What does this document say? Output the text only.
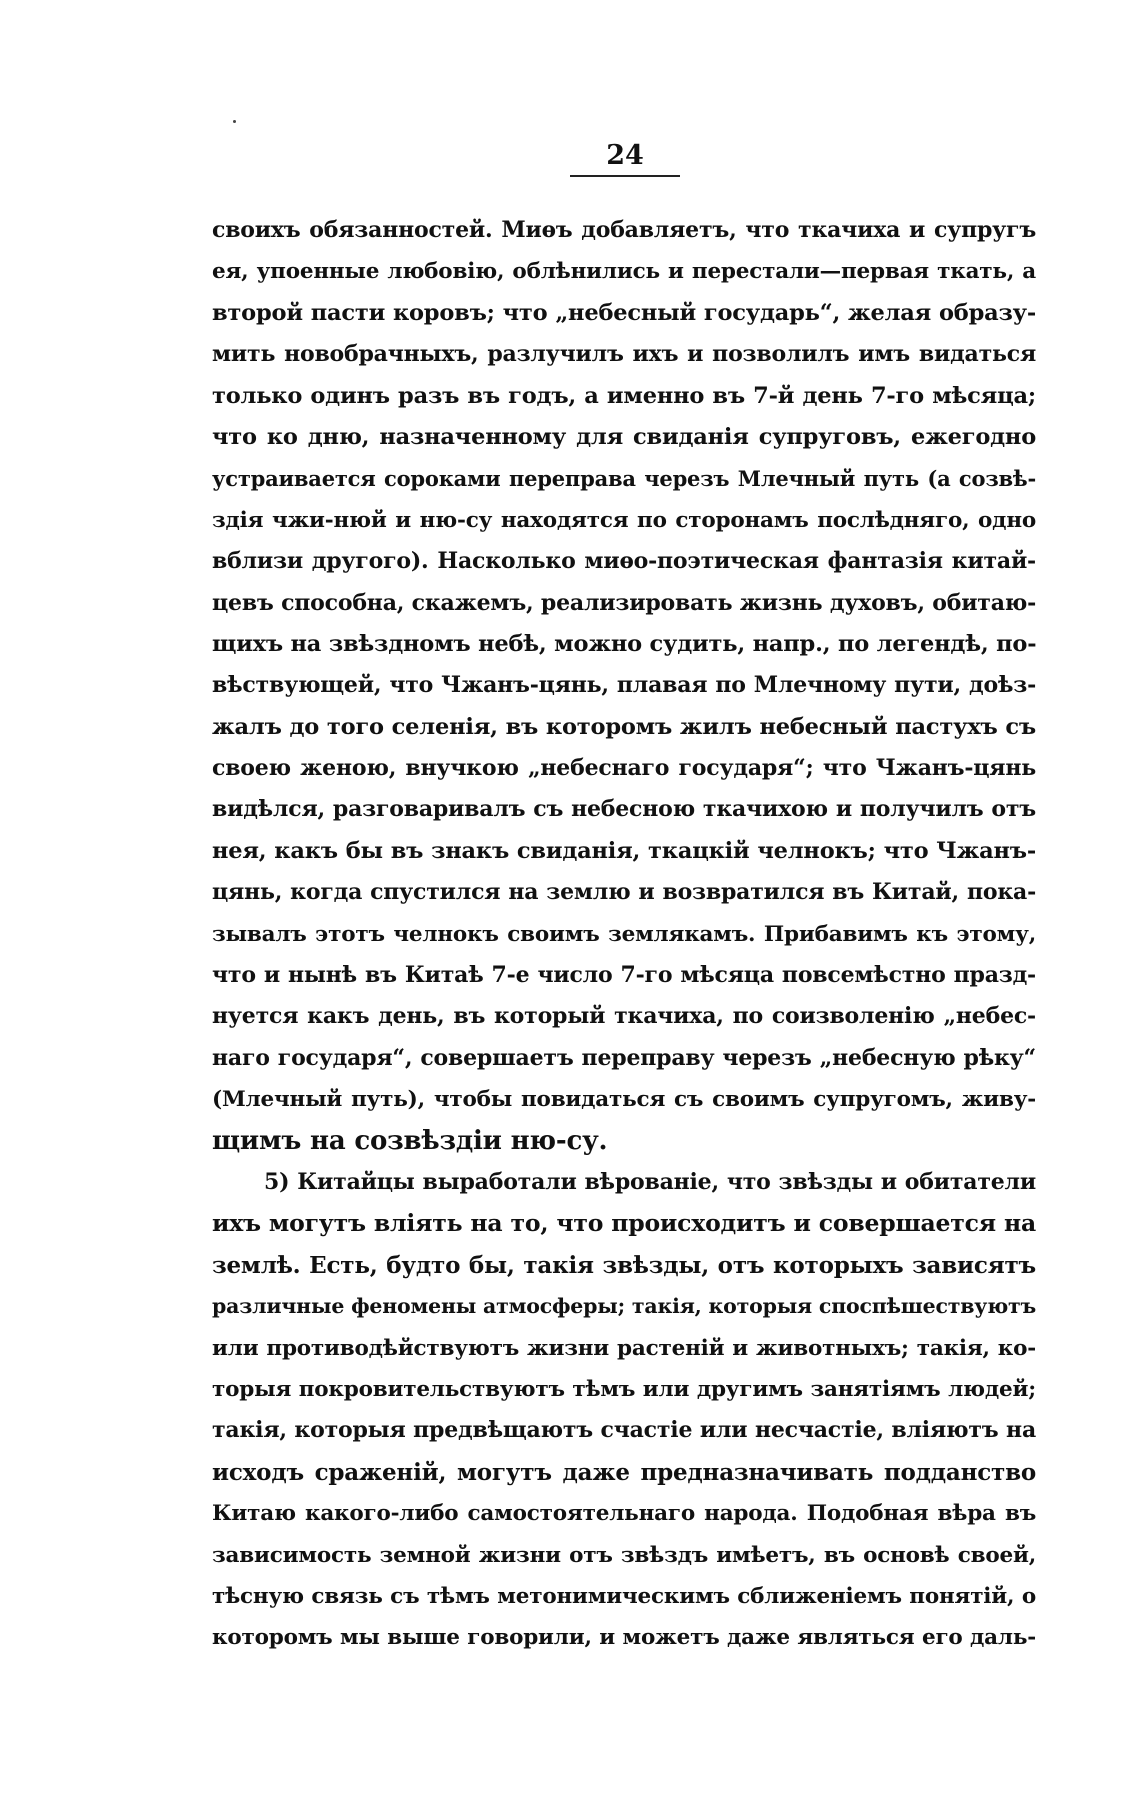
24
своихъ обязанностей. Миѳъ добавляетъ, что ткачиха и супругъ
ея, упоенные любовію, облѣнились и перестали—первая ткать, а
второй пасти коровъ; что „небесный государь“, желая образу-
мить новобрачныхъ, разлучилъ ихъ и позволилъ имъ видаться
только одинъ разъ въ годъ, а именно въ 7-й день 7-го мѣсяца;
что ко дню, назначенному для свиданія супруговъ, ежегодно
устраивается сороками переправа черезъ Млечный путь (а созвѣ-
здія чжи-нюй и ню-су находятся по сторонамъ послѣдняго, одно
вблизи другого). Насколько миѳо-поэтическая фантазія китай-
цевъ способна, скажемъ, реализировать жизнь духовъ, обитаю-
щихъ на звѣздномъ небѣ, можно судить, напр., по легендѣ, по-
вѣствующей, что Чжанъ-цянь, плавая по Млечному пути, доѣз-
жалъ до того селенія, въ которомъ жилъ небесный пастухъ съ
своею женою, внучкою „небеснаго государя“; что Чжанъ-цянь
видѣлся, разговаривалъ съ небесною ткачихою и получилъ отъ
нея, какъ бы въ знакъ свиданія, ткацкій челнокъ; что Чжанъ-
цянь, когда спустился на землю и возвратился въ Китай, пока-
зывалъ этотъ челнокъ своимъ землякамъ. Прибавимъ къ этому,
что и нынѣ въ Китаѣ 7-е число 7-го мѣсяца повсемѣстно празд-
нуется какъ день, въ который ткачиха, по соизволенію „небес-
наго государя“, совершаетъ переправу черезъ „небесную рѣку“
(Млечный путь), чтобы повидаться съ своимъ супругомъ, живу-
щимъ на созвѣздіи ню-су.
5) Китайцы выработали вѣрованіе, что звѣзды и обитатели
ихъ могутъ влiять на то, что происходитъ и совершается на
землѣ. Есть, будто бы, такія звѣзды, отъ которыхъ зависятъ
различные феномены атмосферы; такія, которыя споспѣшествуютъ
или противодѣйствуютъ жизни растеній и животныхъ; такія, ко-
торыя покровительствуютъ тѣмъ или другимъ занятіямъ людей;
такія, которыя предвѣщаютъ счастіе или несчастіе, вліяютъ на
исходъ сраженій, могутъ даже предназначивать подданство
Китаю какого-либо самостоятельнаго народа. Подобная вѣра въ
зависимость земной жизни отъ звѣздъ имѣетъ, въ основѣ своей,
тѣсную связь съ тѣмъ метонимическимъ сближеніемъ понятій, о
которомъ мы выше говорили, и можетъ даже являться его даль-
